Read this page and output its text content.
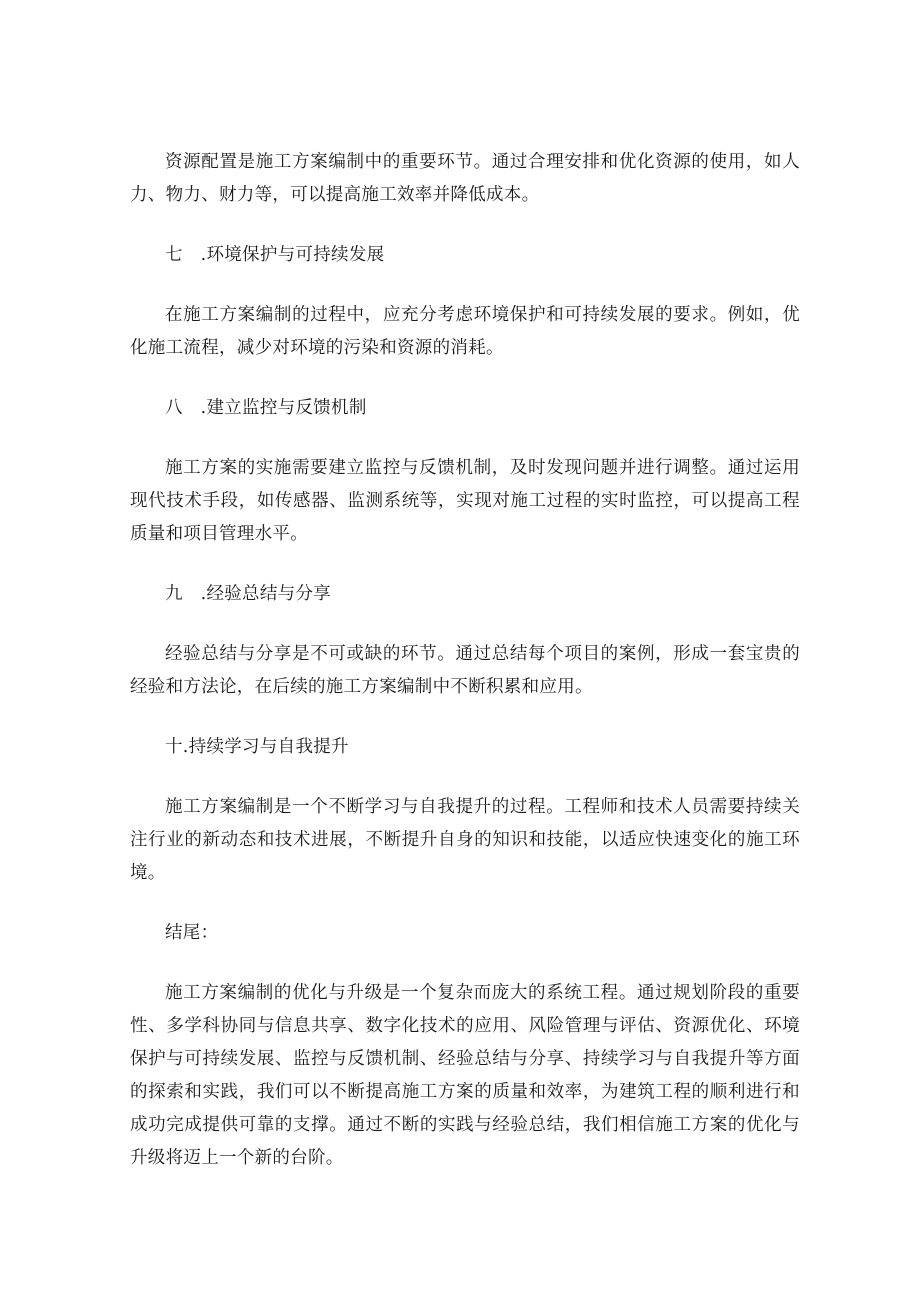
资源配置是施工方案编制中的重要环节。通过合理安排和优化资源的使用，如人力、物力、财力等，可以提高施工效率并降低成本。

七　.环境保护与可持续发展

在施工方案编制的过程中，应充分考虑环境保护和可持续发展的要求。例如，优化施工流程，减少对环境的污染和资源的消耗。

八　.建立监控与反馈机制

施工方案的实施需要建立监控与反馈机制，及时发现问题并进行调整。通过运用现代技术手段，如传感器、监测系统等，实现对施工过程的实时监控，可以提高工程质量和项目管理水平。

九　.经验总结与分享

经验总结与分享是不可或缺的环节。通过总结每个项目的案例，形成一套宝贵的经验和方法论，在后续的施工方案编制中不断积累和应用。

十.持续学习与自我提升

施工方案编制是一个不断学习与自我提升的过程。工程师和技术人员需要持续关注行业的新动态和技术进展，不断提升自身的知识和技能，以适应快速变化的施工环境。

结尾：

施工方案编制的优化与升级是一个复杂而庞大的系统工程。通过规划阶段的重要性、多学科协同与信息共享、数字化技术的应用、风险管理与评估、资源优化、环境保护与可持续发展、监控与反馈机制、经验总结与分享、持续学习与自我提升等方面的探索和实践，我们可以不断提高施工方案的质量和效率，为建筑工程的顺利进行和成功完成提供可靠的支撑。通过不断的实践与经验总结，我们相信施工方案的优化与升级将迈上一个新的台阶。
